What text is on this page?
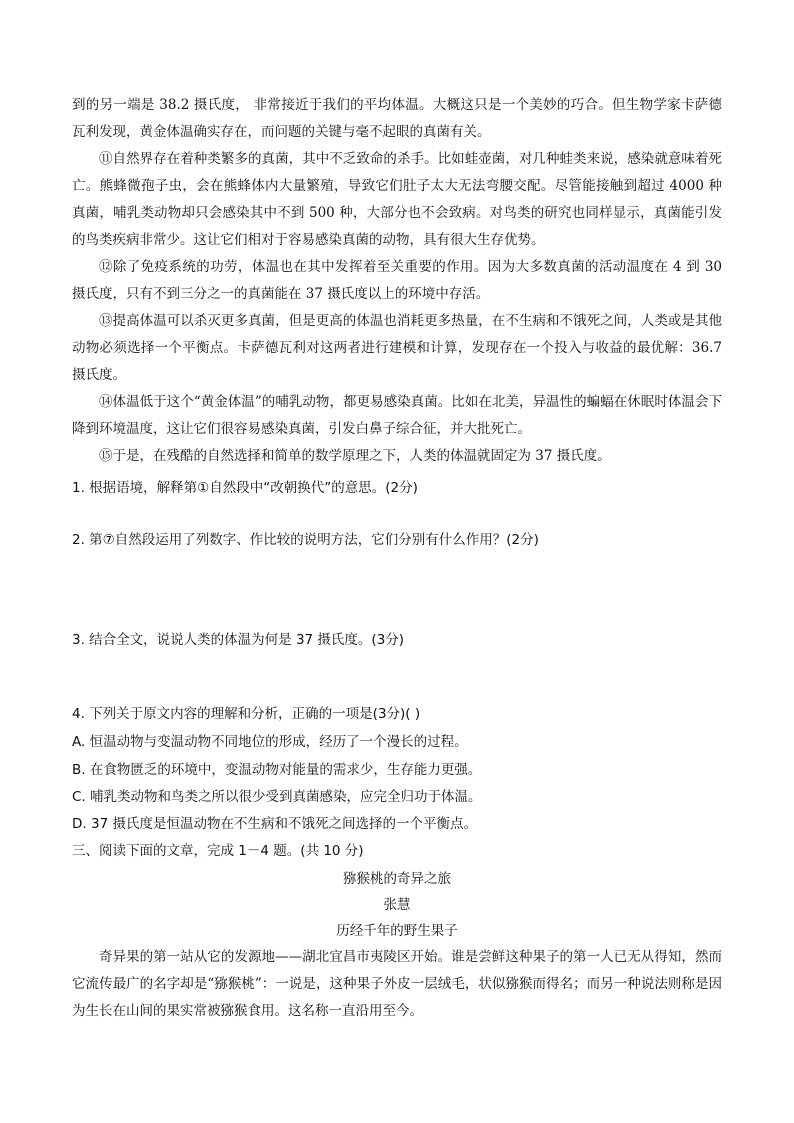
到的另一端是 38.2 摄氏度， 非常接近于我们的平均体温。大概这只是一个美妙的巧合。但生物学家卡萨德瓦利发现，黄金体温确实存在，而问题的关键与毫不起眼的真菌有关。

⑪自然界存在着种类繁多的真菌，其中不乏致命的杀手。比如蛙壶菌，对几种蛙类来说，感染就意味着死亡。熊蜂微孢子虫，会在熊蜂体内大量繁殖，导致它们肚子太大无法弯腰交配。尽管能接触到超过 4000 种真菌，哺乳类动物却只会感染其中不到 500 种，大部分也不会致病。对鸟类的研究也同样显示，真菌能引发的鸟类疾病非常少。这让它们相对于容易感染真菌的动物，具有很大生存优势。

⑫除了免疫系统的功劳，体温也在其中发挥着至关重要的作用。因为大多数真菌的活动温度在 4 到 30 摄氏度，只有不到三分之一的真菌能在 37 摄氏度以上的环境中存活。

⑬提高体温可以杀灭更多真菌，但是更高的体温也消耗更多热量，在不生病和不饿死之间，人类或是其他动物必须选择一个平衡点。卡萨德瓦利对这两者进行建模和计算，发现存在一个投入与收益的最优解：36.7 摄氏度。

⑭体温低于这个“黄金体温”的哺乳动物，都更易感染真菌。比如在北美，异温性的蝙蝠在休眠时体温会下降到环境温度，这让它们很容易感染真菌，引发白鼻子综合征，并大批死亡。

⑮于是，在残酷的自然选择和简单的数学原理之下，人类的体温就固定为 37 摄氏度。

1. 根据语境，解释第①自然段中“改朝换代”的意思。(2分)

2. 第⑦自然段运用了列数字、作比较的说明方法，它们分别有什么作用？(2分)

3. 结合全文，说说人类的体温为何是 37 摄氏度。(3分)

4. 下列关于原文内容的理解和分析，正确的一项是(3分)( )

A. 恒温动物与变温动物不同地位的形成，经历了一个漫长的过程。

B. 在食物匮乏的环境中，变温动物对能量的需求少，生存能力更强。

C. 哺乳类动物和鸟类之所以很少受到真菌感染，应完全归功于体温。

D. 37 摄氏度是恒温动物在不生病和不饿死之间选择的一个平衡点。

三、阅读下面的文章，完成 1－4 题。(共 10 分)

猕猴桃的奇异之旅

张慧

历经千年的野生果子

奇异果的第一站从它的发源地——湖北宜昌市夷陵区开始。谁是尝鲜这种果子的第一人已无从得知，然而它流传最广的名字却是“猕猴桃”：一说是，这种果子外皮一层绒毛，状似猕猴而得名；而另一种说法则称是因为生长在山间的果实常被猕猴食用。这名称一直沿用至今。
